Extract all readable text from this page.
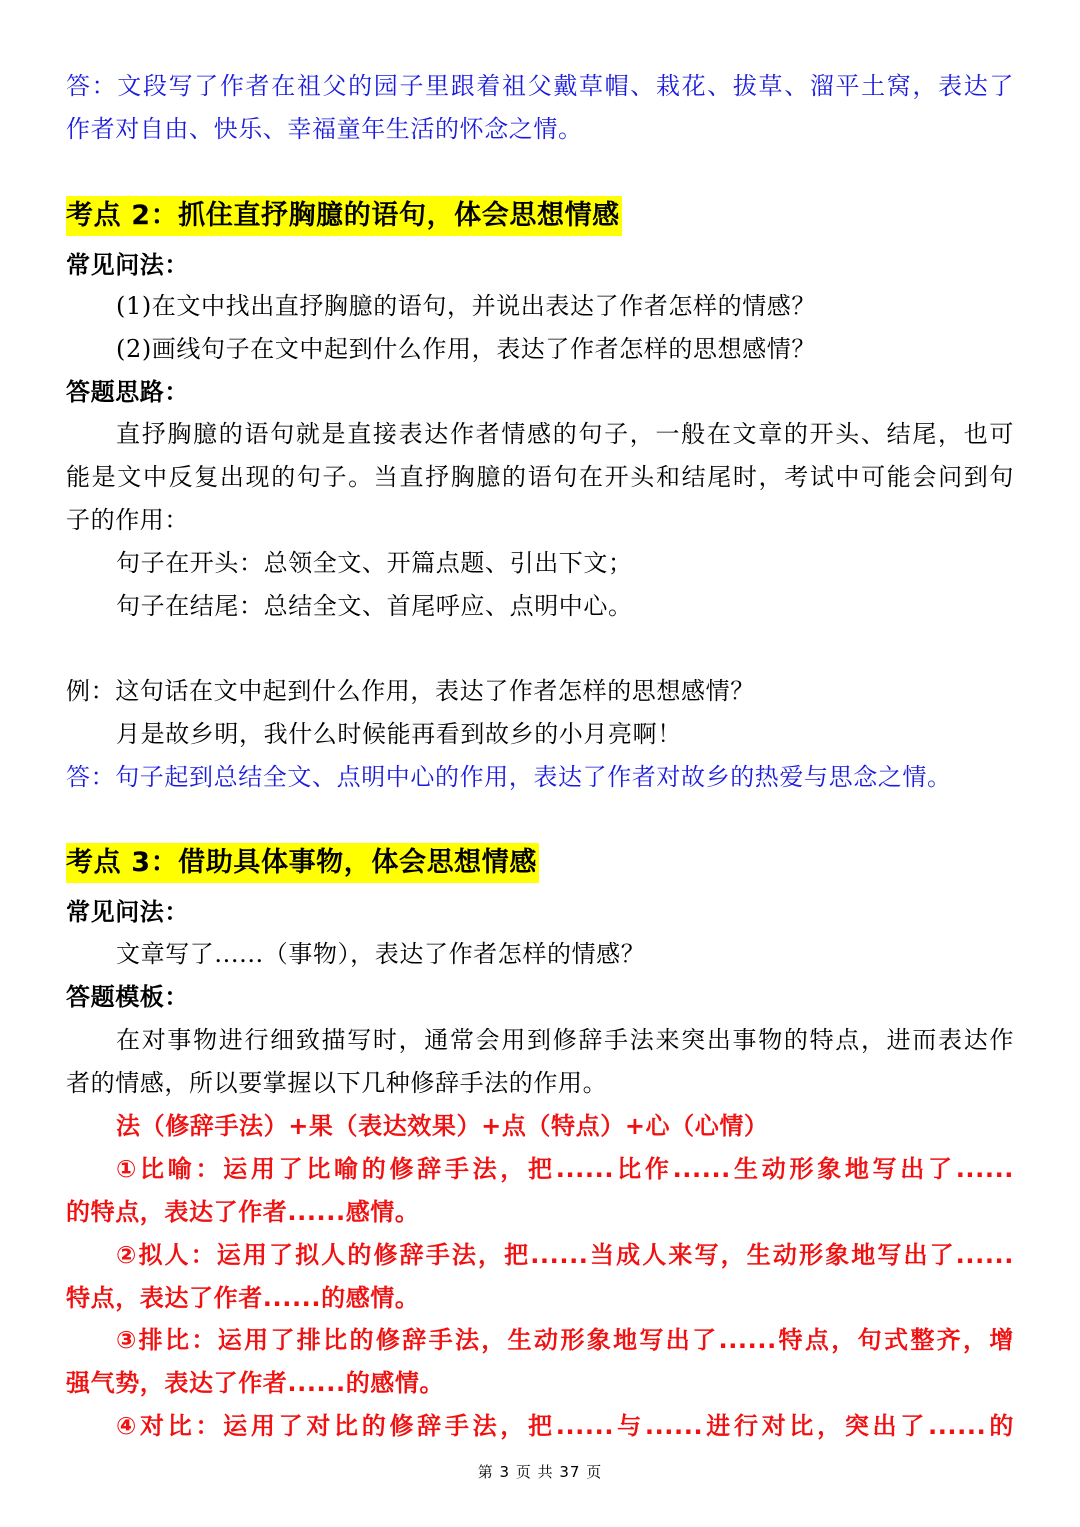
答：文段写了作者在祖父的园子里跟着祖父戴草帽、栽花、拔草、溜平土窝，表达了
作者对自由、快乐、幸福童年生活的怀念之情。
考点 2：抓住直抒胸臆的语句，体会思想情感
常见问法：
(1)在文中找出直抒胸臆的语句，并说出表达了作者怎样的情感？
(2)画线句子在文中起到什么作用，表达了作者怎样的思想感情？
答题思路：
直抒胸臆的语句就是直接表达作者情感的句子，一般在文章的开头、结尾，也可
能是文中反复出现的句子。当直抒胸臆的语句在开头和结尾时，考试中可能会问到句
子的作用：
句子在开头：总领全文、开篇点题、引出下文；
句子在结尾：总结全文、首尾呼应、点明中心。
例：这句话在文中起到什么作用，表达了作者怎样的思想感情？
月是故乡明，我什么时候能再看到故乡的小月亮啊！
答：句子起到总结全文、点明中心的作用，表达了作者对故乡的热爱与思念之情。
考点 3：借助具体事物，体会思想情感
常见问法：
文章写了......（事物），表达了作者怎样的情感？
答题模板：
在对事物进行细致描写时，通常会用到修辞手法来突出事物的特点，进而表达作
者的情感，所以要掌握以下几种修辞手法的作用。
法（修辞手法）+果（表达效果）+点（特点）+心（心情）
①比喻：运用了比喻的修辞手法，把......比作......生动形象地写出了......
的特点，表达了作者......感情。
②拟人：运用了拟人的修辞手法，把......当成人来写，生动形象地写出了......
特点，表达了作者......的感情。
③排比：运用了排比的修辞手法，生动形象地写出了......特点，句式整齐，增
强气势，表达了作者......的感情。
④对比：运用了对比的修辞手法，把......与......进行对比，突出了......的
第 3 页 共 37 页
